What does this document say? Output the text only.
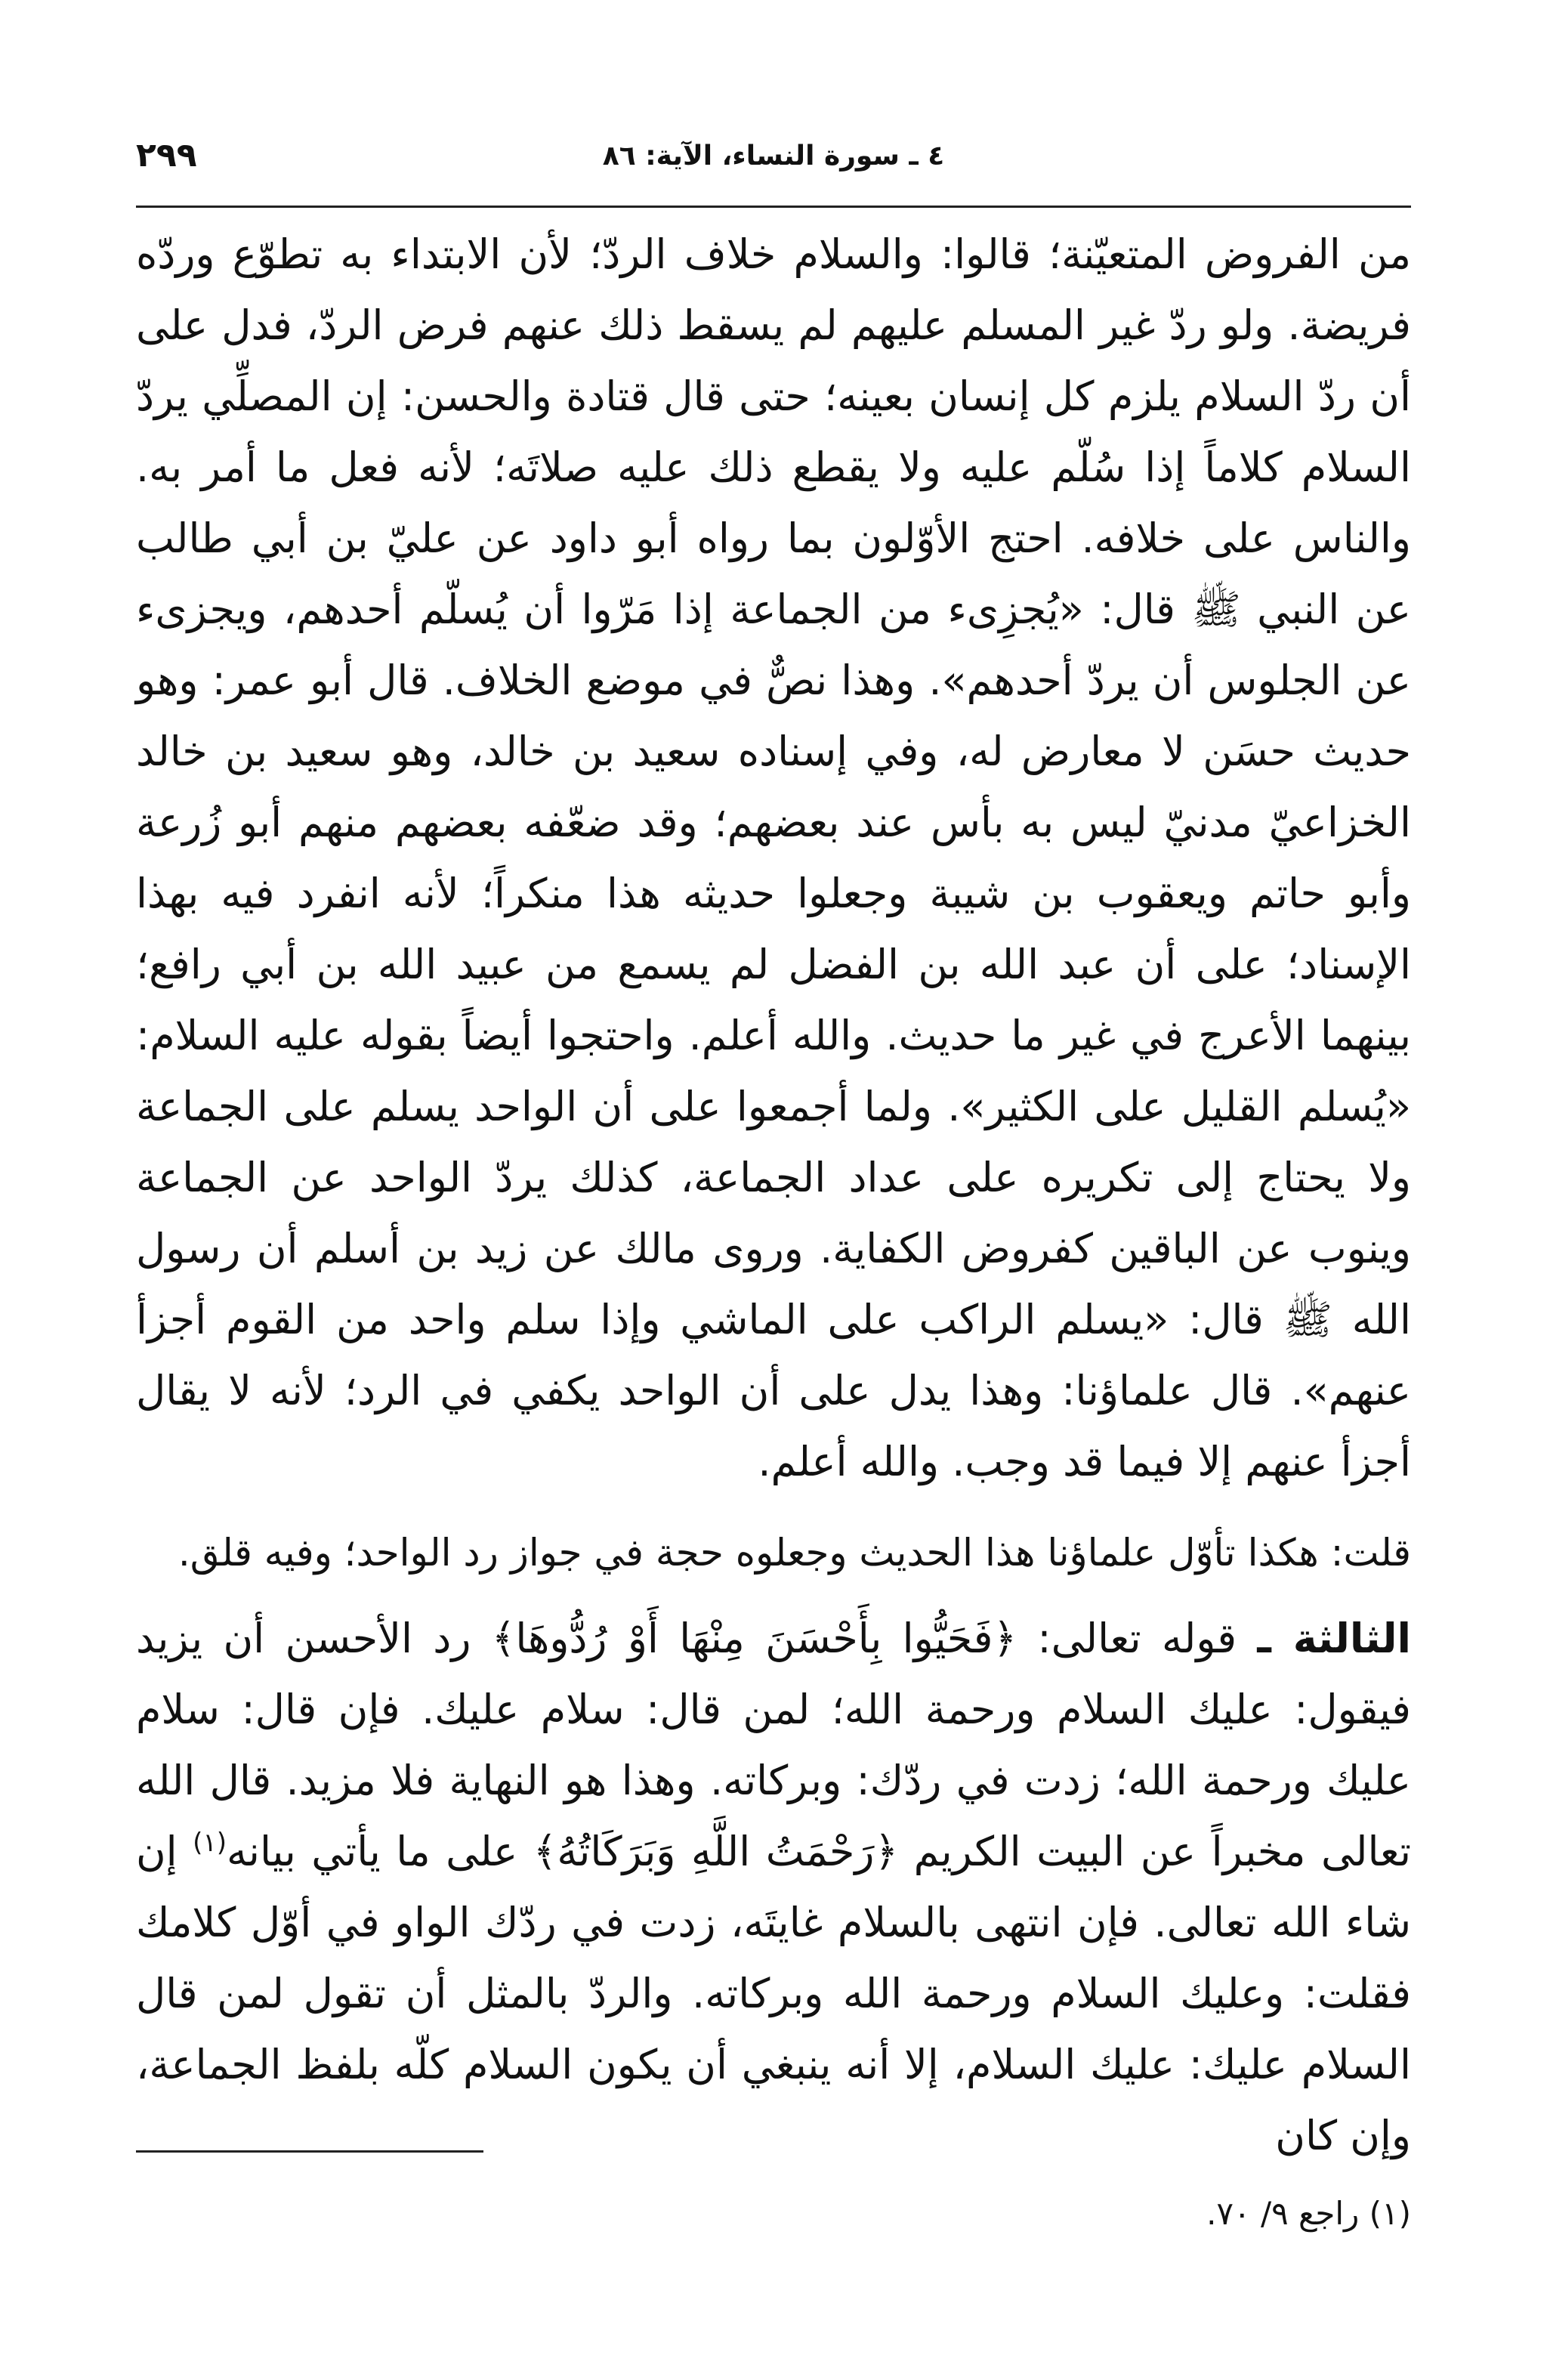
٢٩٩	٤ ـ سورة النساء، الآية: ٨٦

من الفروض المتعيّنة؛ قالوا: والسلام خلاف الردّ؛ لأن الابتداء به تطوّع وردّه فريضة. ولو ردّ غير المسلم عليهم لم يسقط ذلك عنهم فرض الردّ، فدل على أن ردّ السلام يلزم كل إنسان بعينه؛ حتى قال قتادة والحسن: إن المصلِّي يردّ السلام كلاماً إذا سُلّم عليه ولا يقطع ذلك عليه صلاتَه؛ لأنه فعل ما أمر به. والناس على خلافه. احتج الأوّلون بما رواه أبو داود عن عليّ بن أبي طالب عن النبي ﷺ قال: «يُجزِىء من الجماعة إذا مَرّوا أن يُسلّم أحدهم، ويجزىء عن الجلوس أن يردّ أحدهم». وهذا نصٌّ في موضع الخلاف. قال أبو عمر: وهو حديث حسَن لا معارض له، وفي إسناده سعيد بن خالد، وهو سعيد بن خالد الخزاعيّ مدنيّ ليس به بأس عند بعضهم؛ وقد ضعّفه بعضهم منهم أبو زُرعة وأبو حاتم ويعقوب بن شيبة وجعلوا حديثه هذا منكراً؛ لأنه انفرد فيه بهذا الإسناد؛ على أن عبد الله بن الفضل لم يسمع من عبيد الله بن أبي رافع؛ بينهما الأعرج في غير ما حديث. والله أعلم. واحتجوا أيضاً بقوله عليه السلام: «يُسلم القليل على الكثير». ولما أجمعوا على أن الواحد يسلم على الجماعة ولا يحتاج إلى تكريره على عداد الجماعة، كذلك يردّ الواحد عن الجماعة وينوب عن الباقين كفروض الكفاية. وروى مالك عن زيد بن أسلم أن رسول الله ﷺ قال: «يسلم الراكب على الماشي وإذا سلم واحد من القوم أجزأ عنهم». قال علماؤنا: وهذا يدل على أن الواحد يكفي في الرد؛ لأنه لا يقال أجزأ عنهم إلا فيما قد وجب. والله أعلم.

قلت: هكذا تأوّل علماؤنا هذا الحديث وجعلوه حجة في جواز رد الواحد؛ وفيه قلق.

الثالثة ـ قوله تعالى: ﴿فَحَيُّوا بِأَحْسَنَ مِنْهَا أَوْ رُدُّوهَا﴾ رد الأحسن أن يزيد فيقول: عليك السلام ورحمة الله؛ لمن قال: سلام عليك. فإن قال: سلام عليك ورحمة الله؛ زدت في ردّك: وبركاته. وهذا هو النهاية فلا مزيد. قال الله تعالى مخبراً عن البيت الكريم ﴿رَحْمَتُ اللَّهِ وَبَرَكَاتُهُ﴾ على ما يأتي بيانه$^{(١)}$ إن شاء الله تعالى. فإن انتهى بالسلام غايتَه، زدت في ردّك الواو في أوّل كلامك فقلت: وعليك السلام ورحمة الله وبركاته. والردّ بالمثل أن تقول لمن قال السلام عليك: عليك السلام، إلا أنه ينبغي أن يكون السلام كلّه بلفظ الجماعة، وإن كان

(١) راجع ٩/ ٧٠.
